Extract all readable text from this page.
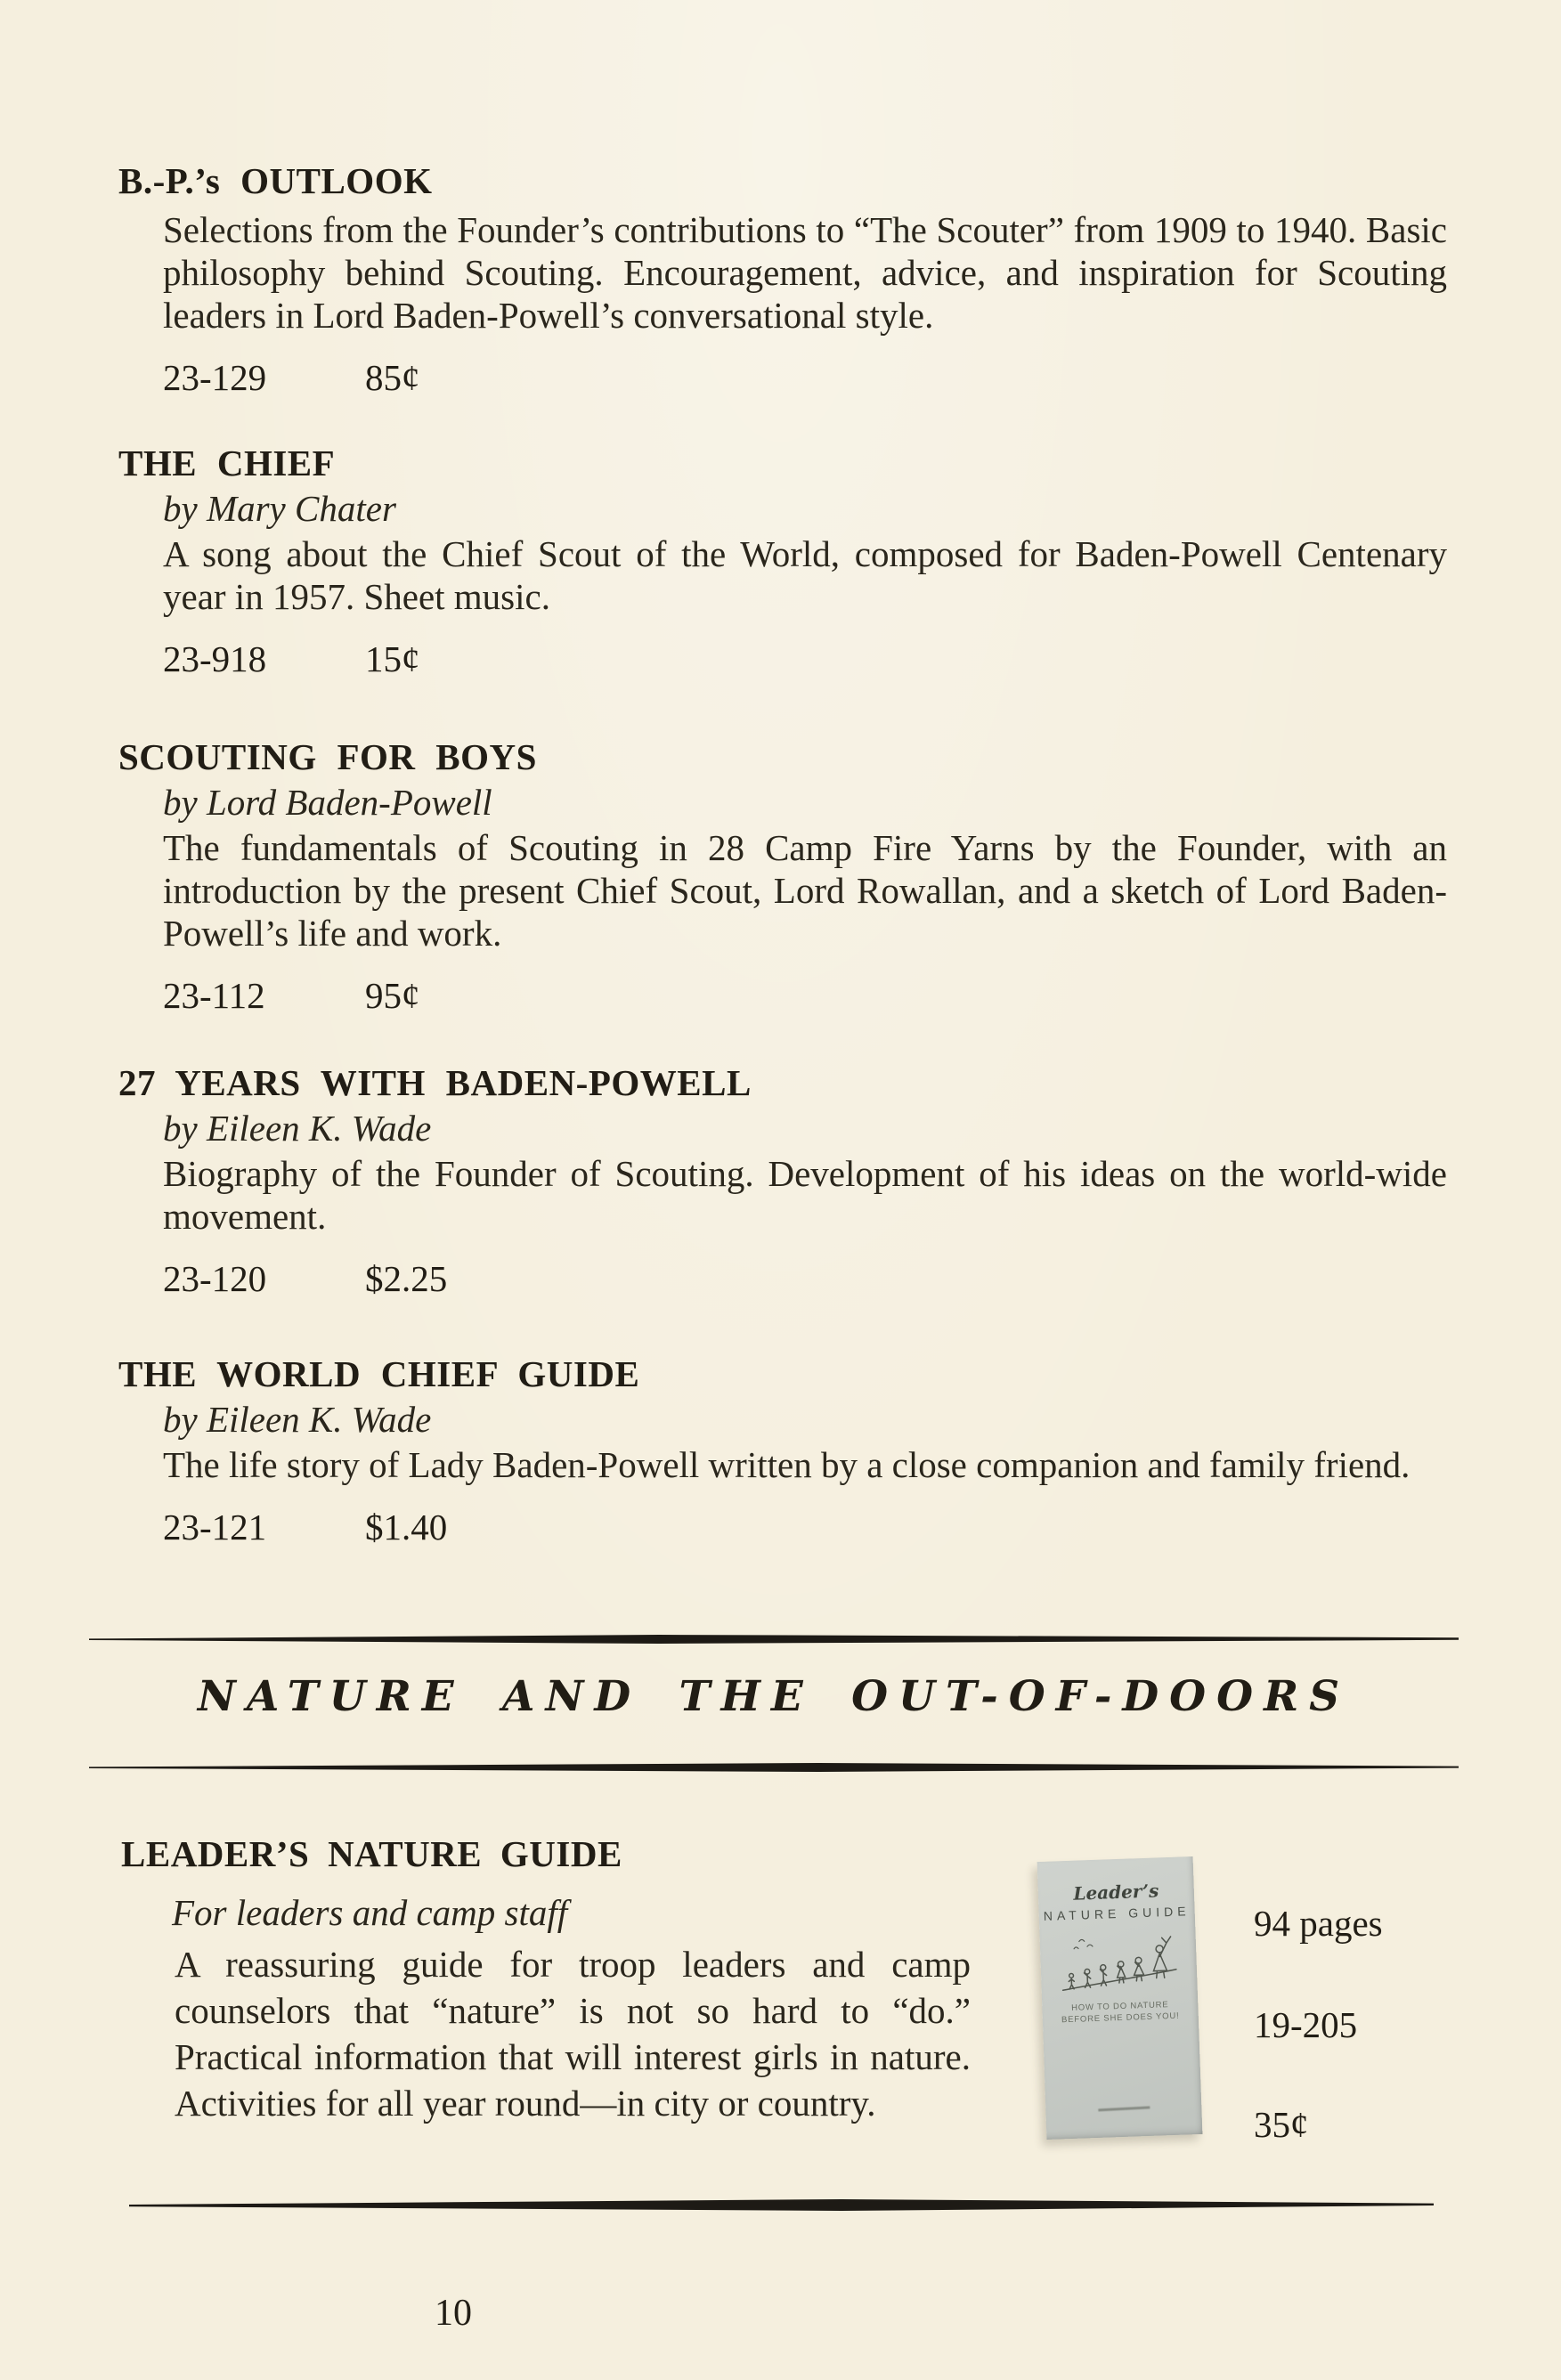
B.-P.’s OUTLOOK

Selections from the Founder’s contributions to “The Scouter” from 1909 to 1940. Basic philosophy behind Scouting. Encouragement, advice, and inspiration for Scouting leaders in Lord Baden-Powell’s conversational style.

23-129	85¢
THE CHIEF
by Mary Chater

A song about the Chief Scout of the World, composed for Baden-Powell Centenary year in 1957. Sheet music.

23-918	15¢
SCOUTING FOR BOYS
by Lord Baden-Powell

The fundamentals of Scouting in 28 Camp Fire Yarns by the Founder, with an introduction by the present Chief Scout, Lord Rowallan, and a sketch of Lord Baden-Powell’s life and work.

23-112	95¢
27 YEARS WITH BADEN-POWELL
by Eileen K. Wade

Biography of the Founder of Scouting. Development of his ideas on the world-wide movement.

23-120	$2.25
THE WORLD CHIEF GUIDE
by Eileen K. Wade

The life story of Lady Baden-Powell written by a close companion and family friend.

23-121	$1.40
NATURE AND THE OUT-OF-DOORS
LEADER’S NATURE GUIDE
For leaders and camp staff

A reassuring guide for troop leaders and camp counselors that “nature” is not so hard to “do.” Practical information that will interest girls in nature. Activities for all year round—in city or country.

Leader’s
NATURE GUIDE
HOW TO DO NATURE
BEFORE SHE DOES YOU!
94 pages
19-205
35¢
10
